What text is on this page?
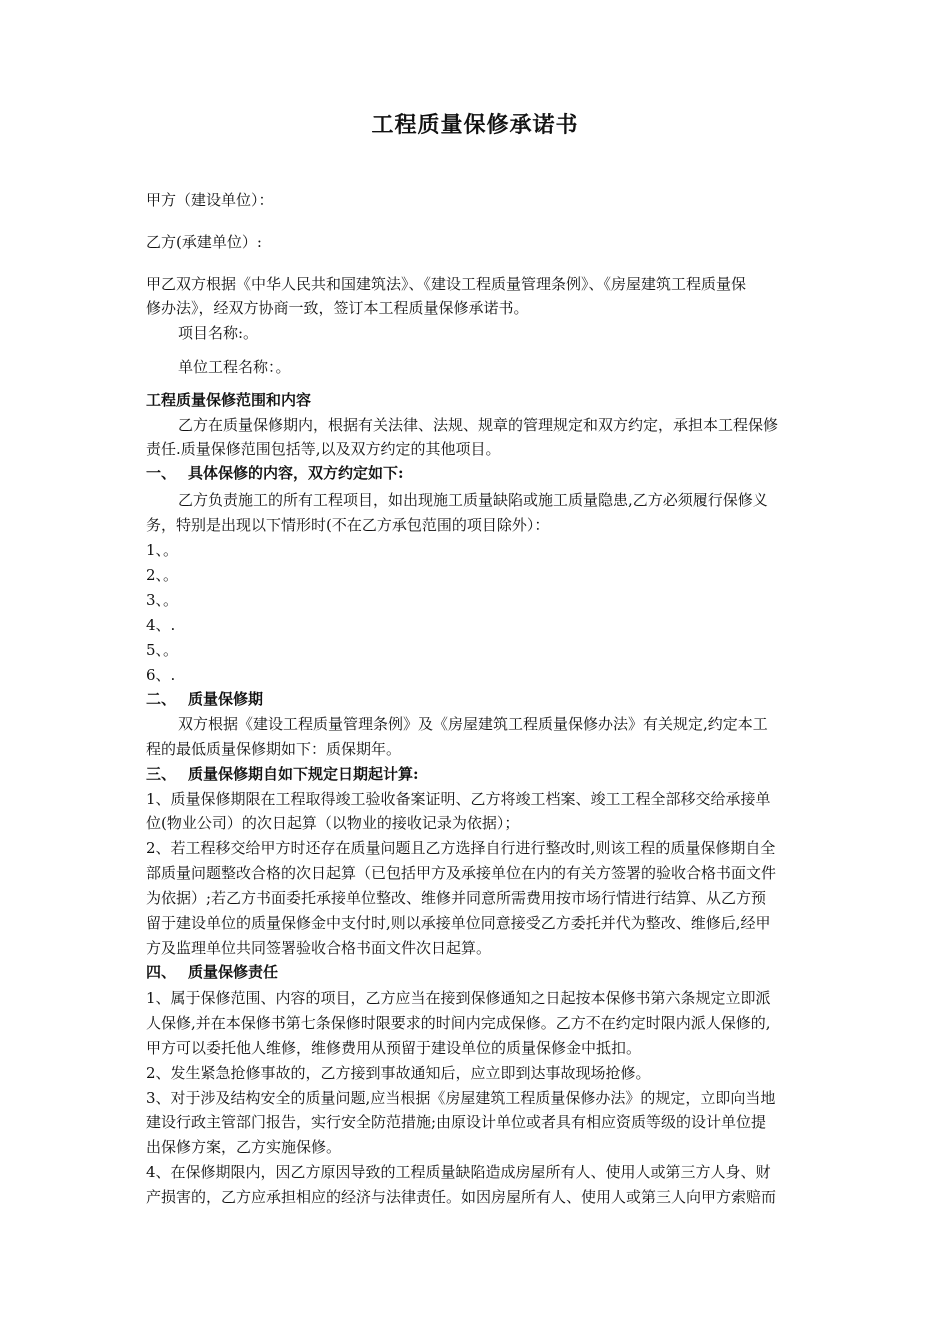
工程质量保修承诺书
甲方（建设单位）：
乙方(承建单位）:
甲乙双方根据《中华人民共和国建筑法》、《建设工程质量管理条例》、《房屋建筑工程质量保
修办法》，经双方协商一致，签订本工程质量保修承诺书。
项目名称:。
单位工程名称：。
工程质量保修范围和内容
乙方在质量保修期内，根据有关法律、法规、规章的管理规定和双方约定，承担本工程保修
责任.质量保修范围包括等,以及双方约定的其他项目。
一、 具体保修的内容，双方约定如下:
乙方负责施工的所有工程项目，如出现施工质量缺陷或施工质量隐患,乙方必须履行保修义
务，特别是出现以下情形时(不在乙方承包范围的项目除外）：
1、。
2、。
3、。
4、.
5、。
6、.
二、 质量保修期
双方根据《建设工程质量管理条例》及《房屋建筑工程质量保修办法》有关规定,约定本工
程的最低质量保修期如下：质保期年。
三、 质量保修期自如下规定日期起计算:
1、质量保修期限在工程取得竣工验收备案证明、乙方将竣工档案、竣工工程全部移交给承接单
位(物业公司）的次日起算（以物业的接收记录为依据）；
2、若工程移交给甲方时还存在质量问题且乙方选择自行进行整改时,则该工程的质量保修期自全
部质量问题整改合格的次日起算（已包括甲方及承接单位在内的有关方签署的验收合格书面文件
为依据）;若乙方书面委托承接单位整改、维修并同意所需费用按市场行情进行结算、从乙方预
留于建设单位的质量保修金中支付时,则以承接单位同意接受乙方委托并代为整改、维修后,经甲
方及监理单位共同签署验收合格书面文件次日起算。
四、 质量保修责任
1、属于保修范围、内容的项目，乙方应当在接到保修通知之日起按本保修书第六条规定立即派
人保修,并在本保修书第七条保修时限要求的时间内完成保修。乙方不在约定时限内派人保修的,
甲方可以委托他人维修，维修费用从预留于建设单位的质量保修金中抵扣。
2、发生紧急抢修事故的，乙方接到事故通知后，应立即到达事故现场抢修。
3、对于涉及结构安全的质量问题,应当根据《房屋建筑工程质量保修办法》的规定，立即向当地
建设行政主管部门报告，实行安全防范措施;由原设计单位或者具有相应资质等级的设计单位提
出保修方案，乙方实施保修。
4、在保修期限内，因乙方原因导致的工程质量缺陷造成房屋所有人、使用人或第三方人身、财
产损害的，乙方应承担相应的经济与法律责任。如因房屋所有人、使用人或第三人向甲方索赔而
